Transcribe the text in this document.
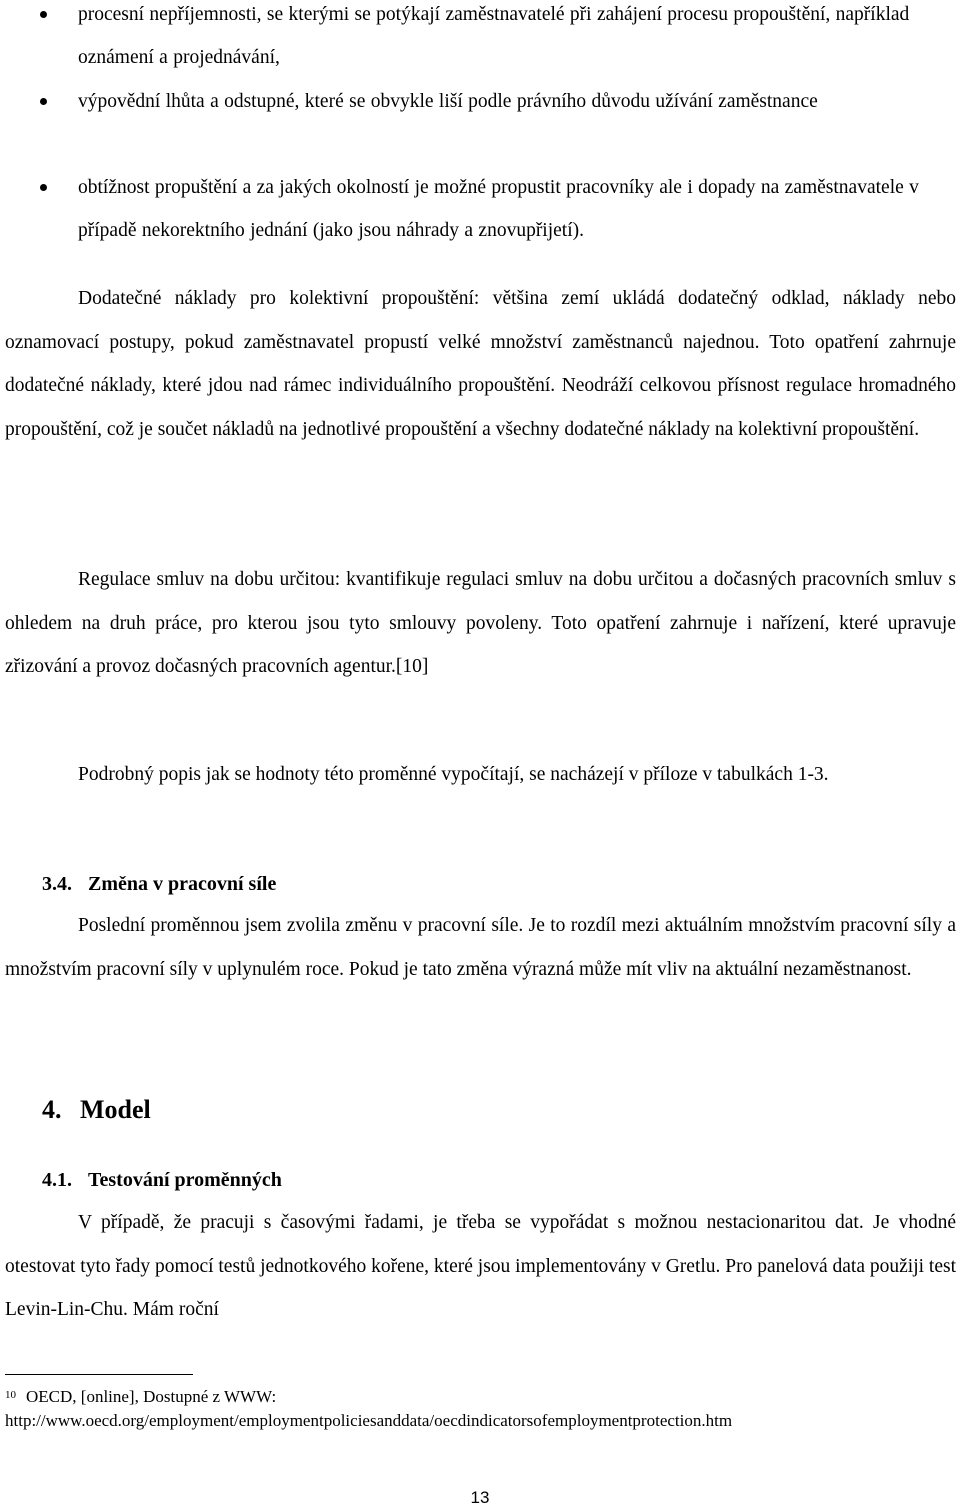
procesní nepříjemnosti, se kterými se potýkají zaměstnavatelé při zahájení procesu propouštění, například oznámení a projednávání,
výpovědní lhůta a odstupné, které se obvykle liší podle právního důvodu užívání zaměstnance
obtížnost propuštění a za jakých okolností je možné propustit pracovníky ale i dopady na zaměstnavatele v případě nekorektního jednání (jako jsou náhrady a znovupřijetí).

Dodatečné náklady pro kolektivní propouštění: většina zemí ukládá dodatečný odklad, náklady nebo oznamovací postupy, pokud zaměstnavatel propustí velké množství zaměstnanců najednou. Toto opatření zahrnuje dodatečné náklady, které jdou nad rámec individuálního propouštění. Neodráží celkovou přísnost regulace hromadného propouštění, což je součet nákladů na jednotlivé propouštění a všechny dodatečné náklady na kolektivní propouštění.

Regulace smluv na dobu určitou: kvantifikuje regulaci smluv na dobu určitou a dočasných pracovních smluv s ohledem na druh práce, pro kterou jsou tyto smlouvy povoleny. Toto opatření zahrnuje i nařízení, které upravuje zřizování a provoz dočasných pracovních agentur.[10]

Podrobný popis jak se hodnoty této proměnné vypočítají, se nacházejí v příloze v tabulkách 1-3.

3.4. Změna v pracovní síle

Poslední proměnnou jsem zvolila změnu v pracovní síle. Je to rozdíl mezi aktuálním množstvím pracovní síly a množstvím pracovní síly v uplynulém roce. Pokud je tato změna výrazná může mít vliv na aktuální nezaměstnanost.

4. Model
4.1. Testování proměnných

V případě, že pracuji s časovými řadami, je třeba se vypořádat s možnou nestacionaritou dat. Je vhodné otestovat tyto řady pomocí testů jednotkového kořene, které jsou implementovány v Gretlu. Pro panelová data použiji test Levin-Lin-Chu. Mám roční

$^{10}$ OECD, [online], Dostupné z WWW:
http://www.oecd.org/employment/employmentpoliciesanddata/oecdindicatorsofemploymentprotection.htm
13
